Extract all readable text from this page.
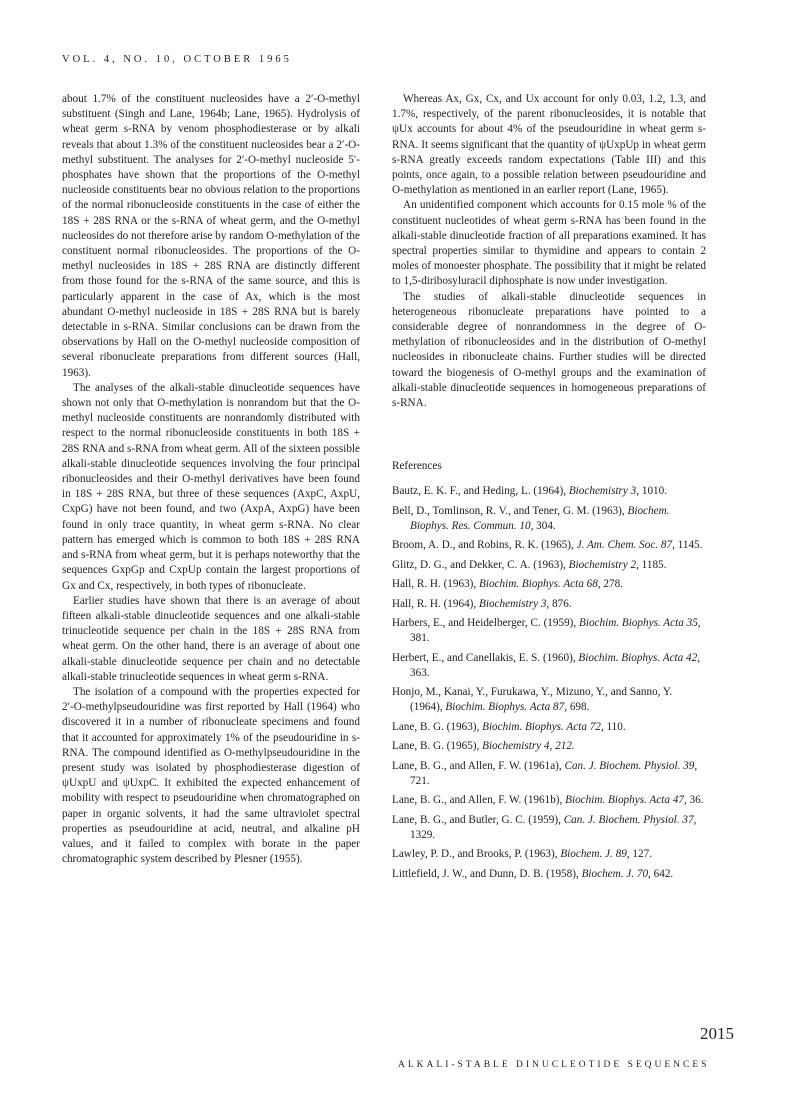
VOL. 4, NO. 10, OCTOBER 1965

about 1.7% of the constituent nucleosides have a 2′-O-methyl substituent (Singh and Lane, 1964b; Lane, 1965). Hydrolysis of wheat germ s-RNA by venom phosphodiesterase or by alkali reveals that about 1.3% of the constituent nucleosides bear a 2′-O-methyl substituent. The analyses for 2′-O-methyl nucleoside 5′-phosphates have shown that the proportions of the O-methyl nucleoside constituents bear no obvious relation to the proportions of the normal ribonucleoside constituents in the case of either the 18S + 28S RNA or the s-RNA of wheat germ, and the O-methyl nucleosides do not therefore arise by random O-methylation of the constituent normal ribonucleosides. The proportions of the O-methyl nucleosides in 18S + 28S RNA are distinctly different from those found for the s-RNA of the same source, and this is particularly apparent in the case of Ax, which is the most abundant O-methyl nucleoside in 18S + 28S RNA but is barely detectable in s-RNA. Similar conclusions can be drawn from the observations by Hall on the O-methyl nucleoside composition of several ribonucleate preparations from different sources (Hall, 1963).

The analyses of the alkali-stable dinucleotide sequences have shown not only that O-methylation is nonrandom but that the O-methyl nucleoside constituents are nonrandomly distributed with respect to the normal ribonucleoside constituents in both 18S + 28S RNA and s-RNA from wheat germ. All of the sixteen possible alkali-stable dinucleotide sequences involving the four principal ribonucleosides and their O-methyl derivatives have been found in 18S + 28S RNA, but three of these sequences (AxpC, AxpU, CxpG) have not been found, and two (AxpA, AxpG) have been found in only trace quantity, in wheat germ s-RNA. No clear pattern has emerged which is common to both 18S + 28S RNA and s-RNA from wheat germ, but it is perhaps noteworthy that the sequences GxpGp and CxpUp contain the largest proportions of Gx and Cx, respectively, in both types of ribonucleate.

Earlier studies have shown that there is an average of about fifteen alkali-stable dinucleotide sequences and one alkali-stable trinucleotide sequence per chain in the 18S + 28S RNA from wheat germ. On the other hand, there is an average of about one alkali-stable dinucleotide sequence per chain and no detectable alkali-stable trinucleotide sequences in wheat germ s-RNA.

The isolation of a compound with the properties expected for 2′-O-methylpseudouridine was first reported by Hall (1964) who discovered it in a number of ribonucleate specimens and found that it accounted for approximately 1% of the pseudouridine in s-RNA. The compound identified as O-methylpseudouridine in the present study was isolated by phosphodiesterase digestion of ψUxpU and ψUxpC. It exhibited the expected enhancement of mobility with respect to pseudouridine when chromatographed on paper in organic solvents, it had the same ultraviolet spectral properties as pseudouridine at acid, neutral, and alkaline pH values, and it failed to complex with borate in the paper chromatographic system described by Plesner (1955).

Whereas Ax, Gx, Cx, and Ux account for only 0.03, 1.2, 1.3, and 1.7%, respectively, of the parent ribonucleosides, it is notable that ψUx accounts for about 4% of the pseudouridine in wheat germ s-RNA. It seems significant that the quantity of ψUxpUp in wheat germ s-RNA greatly exceeds random expectations (Table III) and this points, once again, to a possible relation between pseudouridine and O-methylation as mentioned in an earlier report (Lane, 1965).

An unidentified component which accounts for 0.15 mole % of the constituent nucleotides of wheat germ s-RNA has been found in the alkali-stable dinucleotide fraction of all preparations examined. It has spectral properties similar to thymidine and appears to contain 2 moles of monoester phosphate. The possibility that it might be related to 1,5-diribosyluracil diphosphate is now under investigation.

The studies of alkali-stable dinucleotide sequences in heterogeneous ribonucleate preparations have pointed to a considerable degree of nonrandomness in the degree of O-methylation of ribonucleosides and in the distribution of O-methyl nucleosides in ribonucleate chains. Further studies will be directed toward the biogenesis of O-methyl groups and the examination of alkali-stable dinucleotide sequences in homogeneous preparations of s-RNA.

References

Bautz, E. K. F., and Heding, L. (1964), Biochemistry 3, 1010.
Bell, D., Tomlinson, R. V., and Tener, G. M. (1963), Biochem. Biophys. Res. Commun. 10, 304.
Broom, A. D., and Robins, R. K. (1965), J. Am. Chem. Soc. 87, 1145.
Glitz, D. G., and Dekker, C. A. (1963), Biochemistry 2, 1185.
Hall, R. H. (1963), Biochim. Biophys. Acta 68, 278.
Hall, R. H. (1964), Biochemistry 3, 876.
Harbers, E., and Heidelberger, C. (1959), Biochim. Biophys. Acta 35, 381.
Herbert, E., and Canellakis, E. S. (1960), Biochim. Biophys. Acta 42, 363.
Honjo, M., Kanai, Y., Furukawa, Y., Mizuno, Y., and Sanno, Y. (1964), Biochim. Biophys. Acta 87, 698.
Lane, B. G. (1963), Biochim. Biophys. Acta 72, 110.
Lane, B. G. (1965), Biochemistry 4, 212.
Lane, B. G., and Allen, F. W. (1961a), Can. J. Biochem. Physiol. 39, 721.
Lane, B. G., and Allen, F. W. (1961b), Biochim. Biophys. Acta 47, 36.
Lane, B. G., and Butler, G. C. (1959), Can. J. Biochem. Physiol. 37, 1329.
Lawley, P. D., and Brooks, P. (1963), Biochem. J. 89, 127.
Littlefield, J. W., and Dunn, D. B. (1958), Biochem. J. 70, 642.
2015
ALKALI-STABLE DINUCLEOTIDE SEQUENCES
